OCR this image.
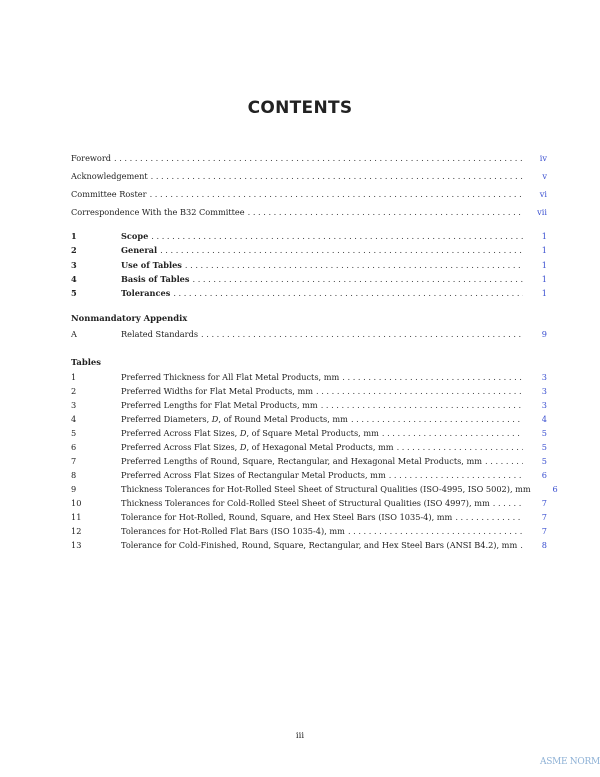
CONTENTS
Foreword . . .	iv
Acknowledgement . . .	v
Committee Roster . . .	vi
Correspondence With the B32 Committee . . .	vii
1	Scope . . .	1
2	General . . .	1
3	Use of Tables . . .	1
4	Basis of Tables . . .	1
5	Tolerances . . .	1
A	Related Standards . . .	9
1	Preferred Thickness for All Flat Metal Products, mm . . .	3
2	Preferred Widths for Flat Metal Products, mm . . .	3
3	Preferred Lengths for Flat Metal Products, mm . . .	3
4	Preferred Diameters, D, of Round Metal Products, mm . . .	4
5	Preferred Across Flat Sizes, D, of Square Metal Products, mm . . .	5
6	Preferred Across Flat Sizes, D, of Hexagonal Metal Products, mm . . .	5
7	Preferred Lengths of Round, Square, Rectangular, and Hexagonal Metal Products, mm . . .	5
8	Preferred Across Flat Sizes of Rectangular Metal Products, mm . . .	6
9	Thickness Tolerances for Hot-Rolled Steel Sheet of Structural Qualities (ISO-4995, ISO 5002), mm . . .	6
10	Thickness Tolerances for Cold-Rolled Steel Sheet of Structural Qualities (ISO 4997), mm . . .	7
11	Tolerance for Hot-Rolled, Round, Square, and Hex Steel Bars (ISO 1035-4), mm . . .	7
12	Tolerances for Hot-Rolled Flat Bars (ISO 1035-4), mm . . .	7
13	Tolerance for Cold-Finished, Round, Square, Rectangular, and Hex Steel Bars (ANSI B4.2), mm . . .	8
Nonmandatory Appendix
Tables
iii
ASME NORM
